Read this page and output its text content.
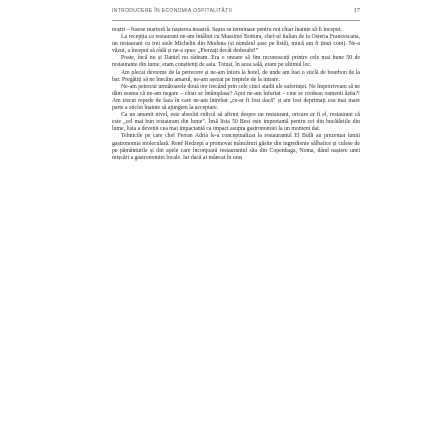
INTRODUCERE ÎN ECONOMIA OSPITALITĂȚII	17

noștri – fusese martoră la nașterea noastră. Seara se terminase pentru noi chiar înainte să fi început.

La recepția ca restaurant ne-am întâlnit cu Massimo Bottura, chef-ul italian de la Osteria Francescana, un restaurant cu trei stele Michelin din Modena (și numărul șase pe listă), mucă am fi ținut cont). Ne-a văzut, a început să râdă și ne-a spus: „Pierzați decât dedesubt!”

Poate, încă nu și Daniel nu râdeam. Era o onoare să fim recunoscuți printre cele mai bune 50 de restaurante din lume, eram conștienți de asta. Totuși, în acea sală, eram pe ultimul loc.

Am plecat devreme de la petrecere și ne-am întors la hotel, de unde am luat o sticlă de bourbon de la bar. Pregătiți să ne înecăm amarul, ne-am așezat pe treptele de la intrare.

Ne-am petrecut următoarele două ore trecând prin cele cinci stadii ale suferinței. Ne împotriveam să ne dăm seama că ne-am negare – chiar se întâmplase? Apoi ne-am înfuriat – cine se credeau oamenii ăștia?! Am trecut repede de faza în care ne-am întrebat „ce-ar fi fost dacă” și am fost deprimați cea mai mare parte a sticlei înainte să ajungem la acceptare.

Ca un anumit nivel, este absolut ridicol să afirmi despre un restaurant, oricare ar fi el, restaurant că este „cel mai bun restaurant din lume”. Însă lista 50 Best este importantă pentru cei din bucătăriile din lume, lista a devenit cea mai impactantă ca impact asupra gastronomiei la un moment dat.

Tehnicile pe care chef Ferran Adrià le-a conceptualizat la restaurantul El Bulli au prezentat lumii gastronomia moleculară. René Redzepi a promovat mâncăruri găsite din ingrediente sălbatice și culese de pe pământurile și din apele care înconjoară restaurantul său din Copenhaga, Noma, dând naștere unei mișcări a gastronomiei locale. Iar dacă ai mâncat în oraș
